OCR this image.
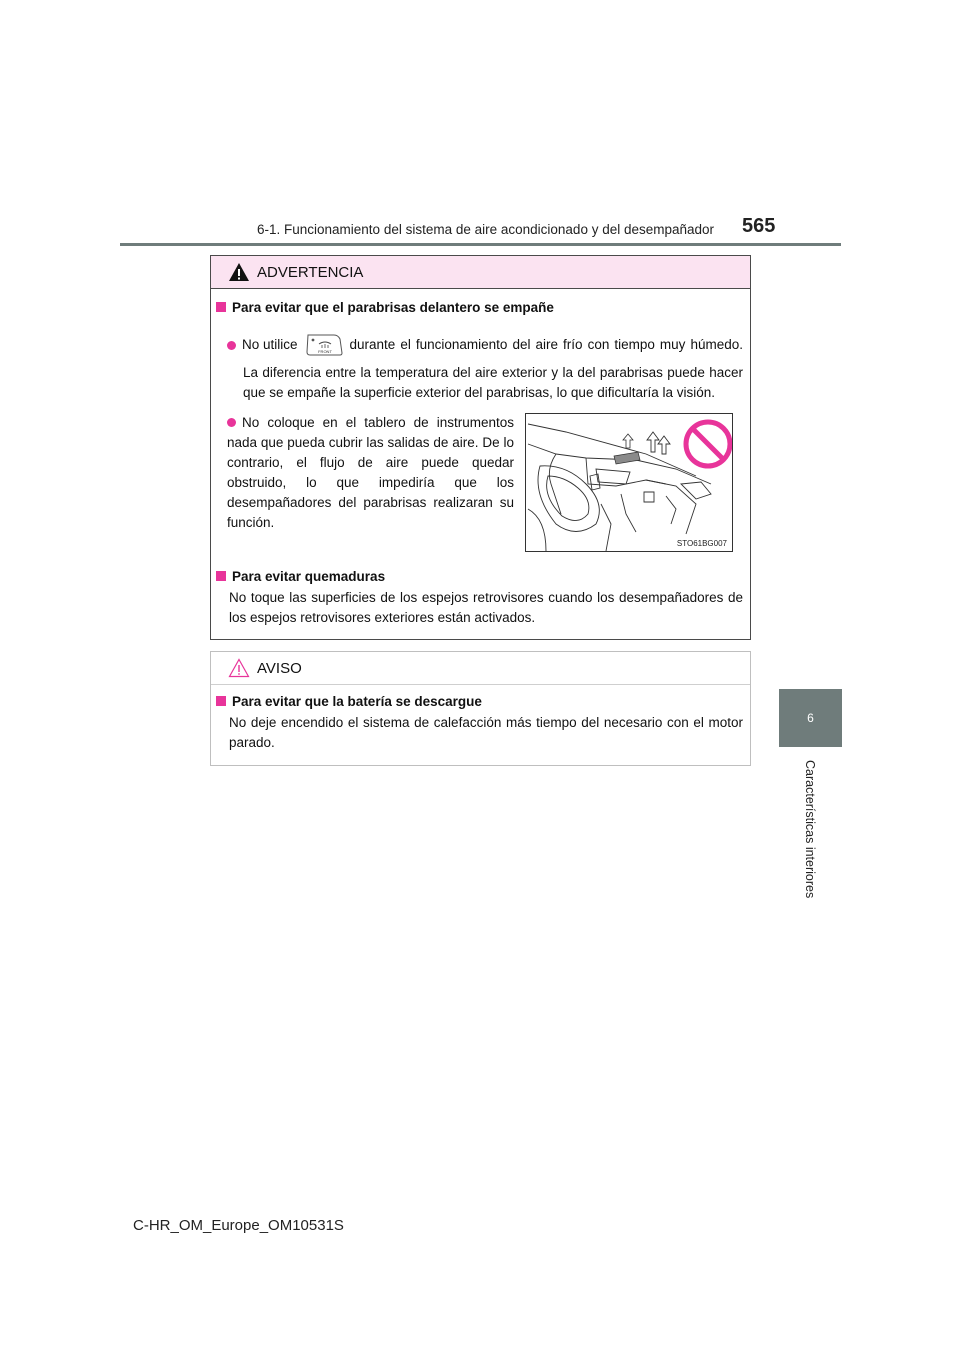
6-1. Funcionamiento del sistema de aire acondicionado y del desempañador 565
6
Características interiores
ADVERTENCIA
Para evitar que el parabrisas delantero se empañe
No utilice	FRONT durante el funcionamiento del aire frío con tiempo muy húmedo.
La diferencia entre la temperatura del aire exterior y la del parabrisas puede hacer que se empañe la superficie exterior del parabrisas, lo que dificultaría la visión.
No coloque en el tablero de instrumentos nada que pueda cubrir las salidas de aire. De lo contrario, el flujo de aire puede quedar obstruido, lo que impediría que los desempañadores del parabrisas realizaran su función.
STO61BG007
Para evitar quemaduras
No toque las superficies de los espejos retrovisores cuando los desempañadores de los espejos retrovisores exteriores están activados.
AVISO
Para evitar que la batería se descargue
No deje encendido el sistema de calefacción más tiempo del necesario con el motor parado.
C-HR_OM_Europe_OM10531S
